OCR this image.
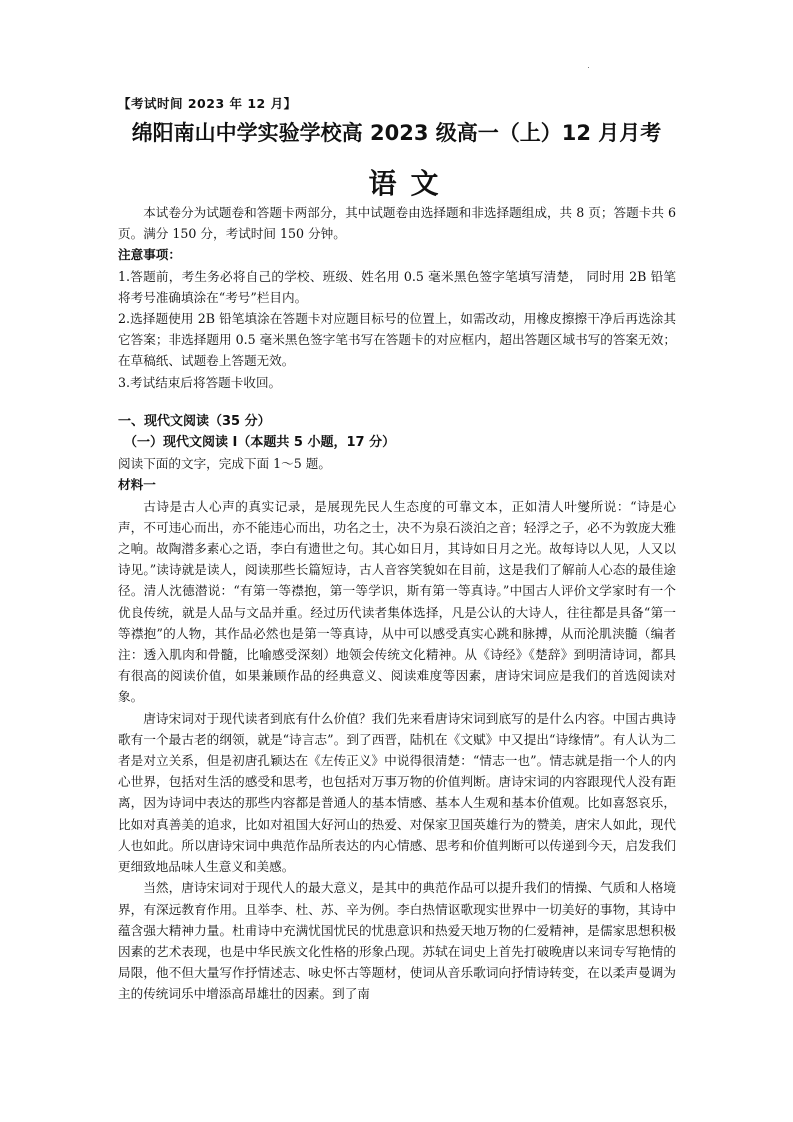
【考试时间 2023 年 12 月】
绵阳南山中学实验学校高 2023 级高一（上）12 月月考
语文

本试卷分为试题卷和答题卡两部分，其中试题卷由选择题和非选择题组成，共 8 页；答题卡共 6 页。满分 150 分，考试时间 150 分钟。

注意事项：

1.答题前，考生务必将自己的学校、班级、姓名用 0.5 毫米黑色签字笔填写清楚， 同时用 2B 铅笔将考号准确填涂在“考号”栏目内。

2.选择题使用 2B 铅笔填涂在答题卡对应题目标号的位置上，如需改动，用橡皮擦擦干净后再选涂其它答案；非选择题用 0.5 毫米黑色签字笔书写在答题卡的对应框内，超出答题区域书写的答案无效；在草稿纸、试题卷上答题无效。

3.考试结束后将答题卡收回。

一、现代文阅读（35 分）

（一）现代文阅读 Ⅰ（本题共 5 小题，17 分）

阅读下面的文字，完成下面 1～5 题。

材料一

古诗是古人心声的真实记录，是展现先民人生态度的可靠文本，正如清人叶燮所说：“诗是心声，不可违心而出，亦不能违心而出，功名之士，决不为泉石淡泊之音；轻浮之子，必不为敦庞大雅之响。故陶潜多素心之语，李白有遗世之句。其心如日月，其诗如日月之光。故每诗以人见，人又以诗见。”读诗就是读人，阅读那些长篇短诗，古人音容笑貌如在目前，这是我们了解前人心态的最佳途径。清人沈德潜说：“有第一等襟抱，第一等学识，斯有第一等真诗。”中国古人评价文学家时有一个优良传统，就是人品与文品并重。经过历代读者集体选择，凡是公认的大诗人，往往都是具备“第一等襟抱”的人物，其作品必然也是第一等真诗，从中可以感受真实心跳和脉搏，从而沦肌浃髓（编者注：透入肌肉和骨髓，比喻感受深刻）地领会传统文化精神。从《诗经》《楚辞》到明清诗词，都具有很高的阅读价值，如果兼顾作品的经典意义、阅读难度等因素，唐诗宋词应是我们的首选阅读对象。

唐诗宋词对于现代读者到底有什么价值？我们先来看唐诗宋词到底写的是什么内容。中国古典诗歌有一个最古老的纲领，就是“诗言志”。到了西晋，陆机在《文赋》中又提出“诗缘情”。有人认为二者是对立关系，但是初唐孔颖达在《左传正义》中说得很清楚：“情志一也”。情志就是指一个人的内心世界，包括对生活的感受和思考，也包括对万事万物的价值判断。唐诗宋词的内容跟现代人没有距离，因为诗词中表达的那些内容都是普通人的基本情感、基本人生观和基本价值观。比如喜怒哀乐，比如对真善美的追求，比如对祖国大好河山的热爱、对保家卫国英雄行为的赞美，唐宋人如此，现代人也如此。所以唐诗宋词中典范作品所表达的内心情感、思考和价值判断可以传递到今天，启发我们更细致地品味人生意义和美感。

当然，唐诗宋词对于现代人的最大意义，是其中的典范作品可以提升我们的情操、气质和人格境界，有深远教育作用。且举李、杜、苏、辛为例。李白热情讴歌现实世界中一切美好的事物，其诗中蕴含强大精神力量。杜甫诗中充满忧国忧民的忧患意识和热爱天地万物的仁爱精神，是儒家思想积极因素的艺术表现，也是中华民族文化性格的形象凸现。苏轼在词史上首先打破晚唐以来词专写艳情的局限，他不但大量写作抒情述志、咏史怀古等题材，使词从音乐歌词向抒情诗转变，在以柔声曼调为主的传统词乐中增添高昂雄壮的因素。到了南
